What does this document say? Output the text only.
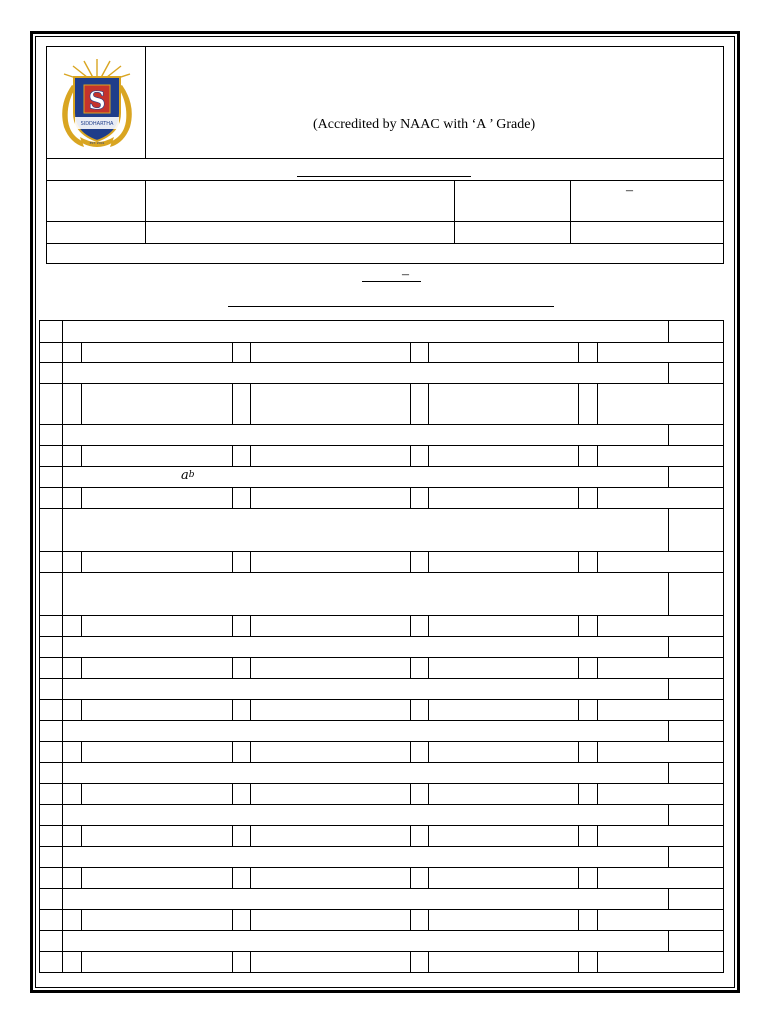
S
SIDDHARTHA
EST. 2001
(Accredited by NAAC with ‘A ’ Grade)
–
–
$a^b$
